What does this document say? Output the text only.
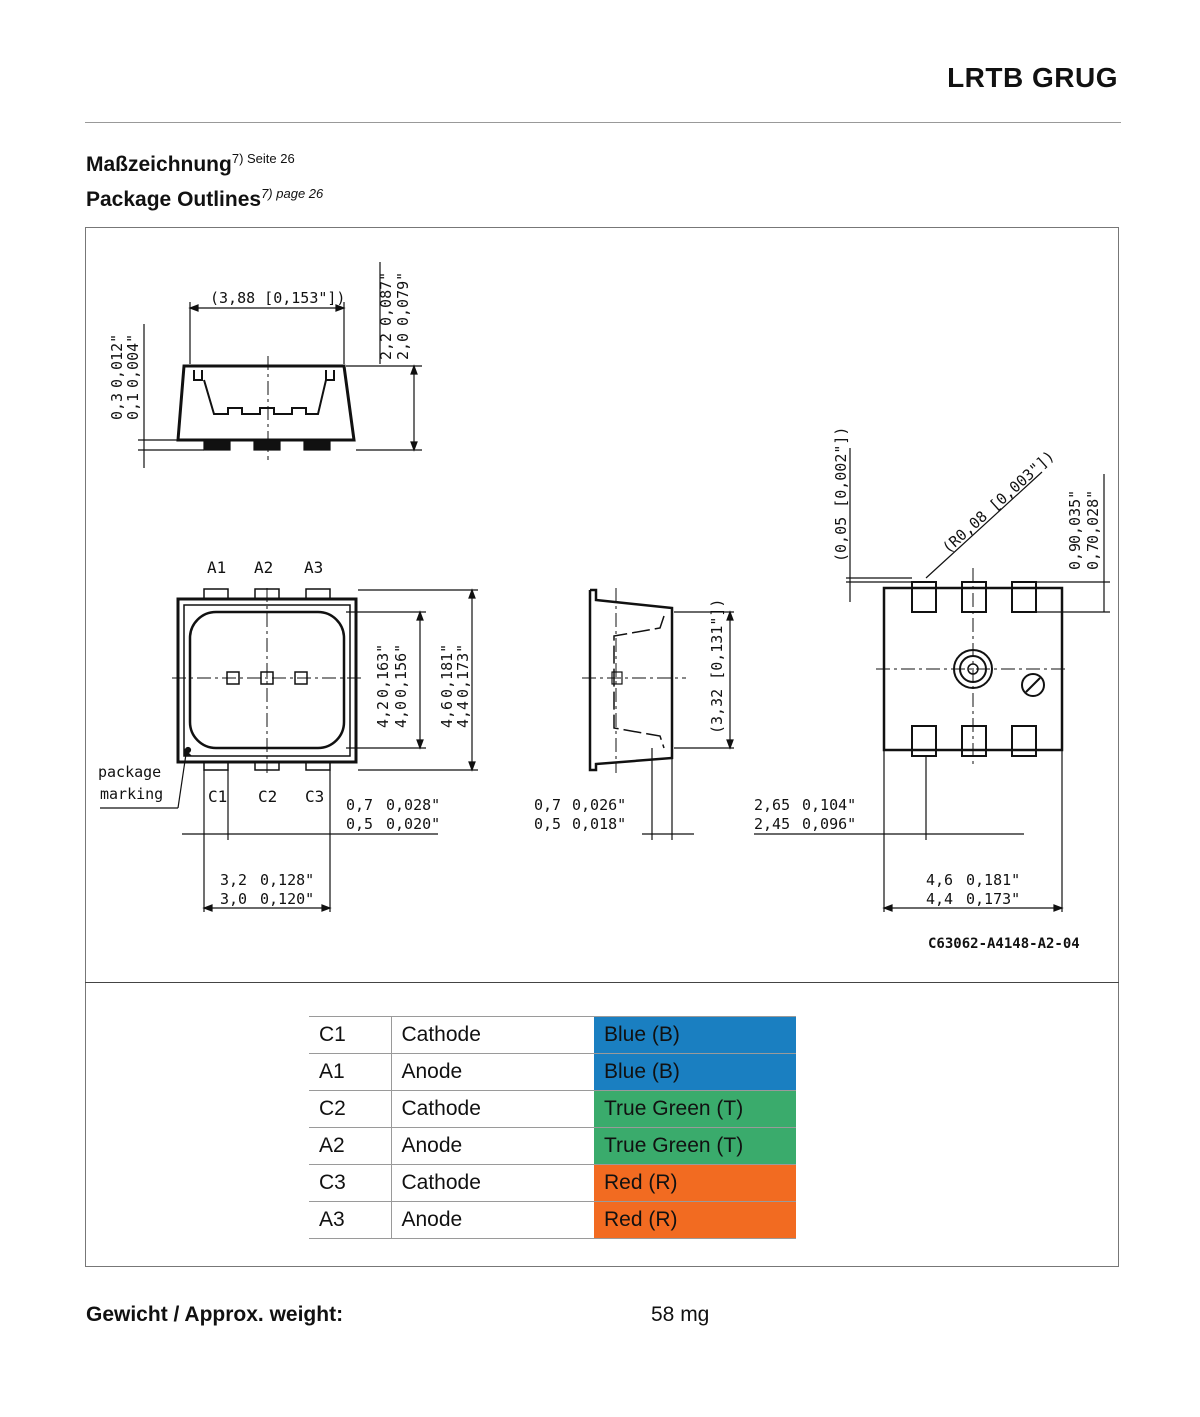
LRTB GRUG
Maßzeichnung$^{7) Seite 26}$
Package Outlines$^{7) page 26}$
(3,88 [0,153"])
2,2 2,0
0,087" 0,079"
0,3
0,1
0,012"
0,004"
A1 A2 A3
C1 C2 C3
package
marking
4,2 4,0
0,163" 0,156"
4,6
4,4
0,181"
0,173"
0,7
0,5
0,028"
0,020"
3,2
3,0
0,128"
0,120"
(3,32 [0,131"])
0,7
0,5
0,026"
0,018"
(0,05 [0,002"])	(R0,08 [0,003"]) 0,9 0,7
0,035" 0,028"
2,65
2,45
0,104"
0,096"
4,6
4,4
0,181"
0,173"
C63062-A4148-A2-04
C1	Cathode	Blue (B)
A1	Anode	Blue (B)
C2	Cathode	True Green (T)
A2	Anode	True Green (T)
C3	Cathode	Red (R)
A3	Anode	Red (R)
Gewicht / Approx. weight:	58 mg
